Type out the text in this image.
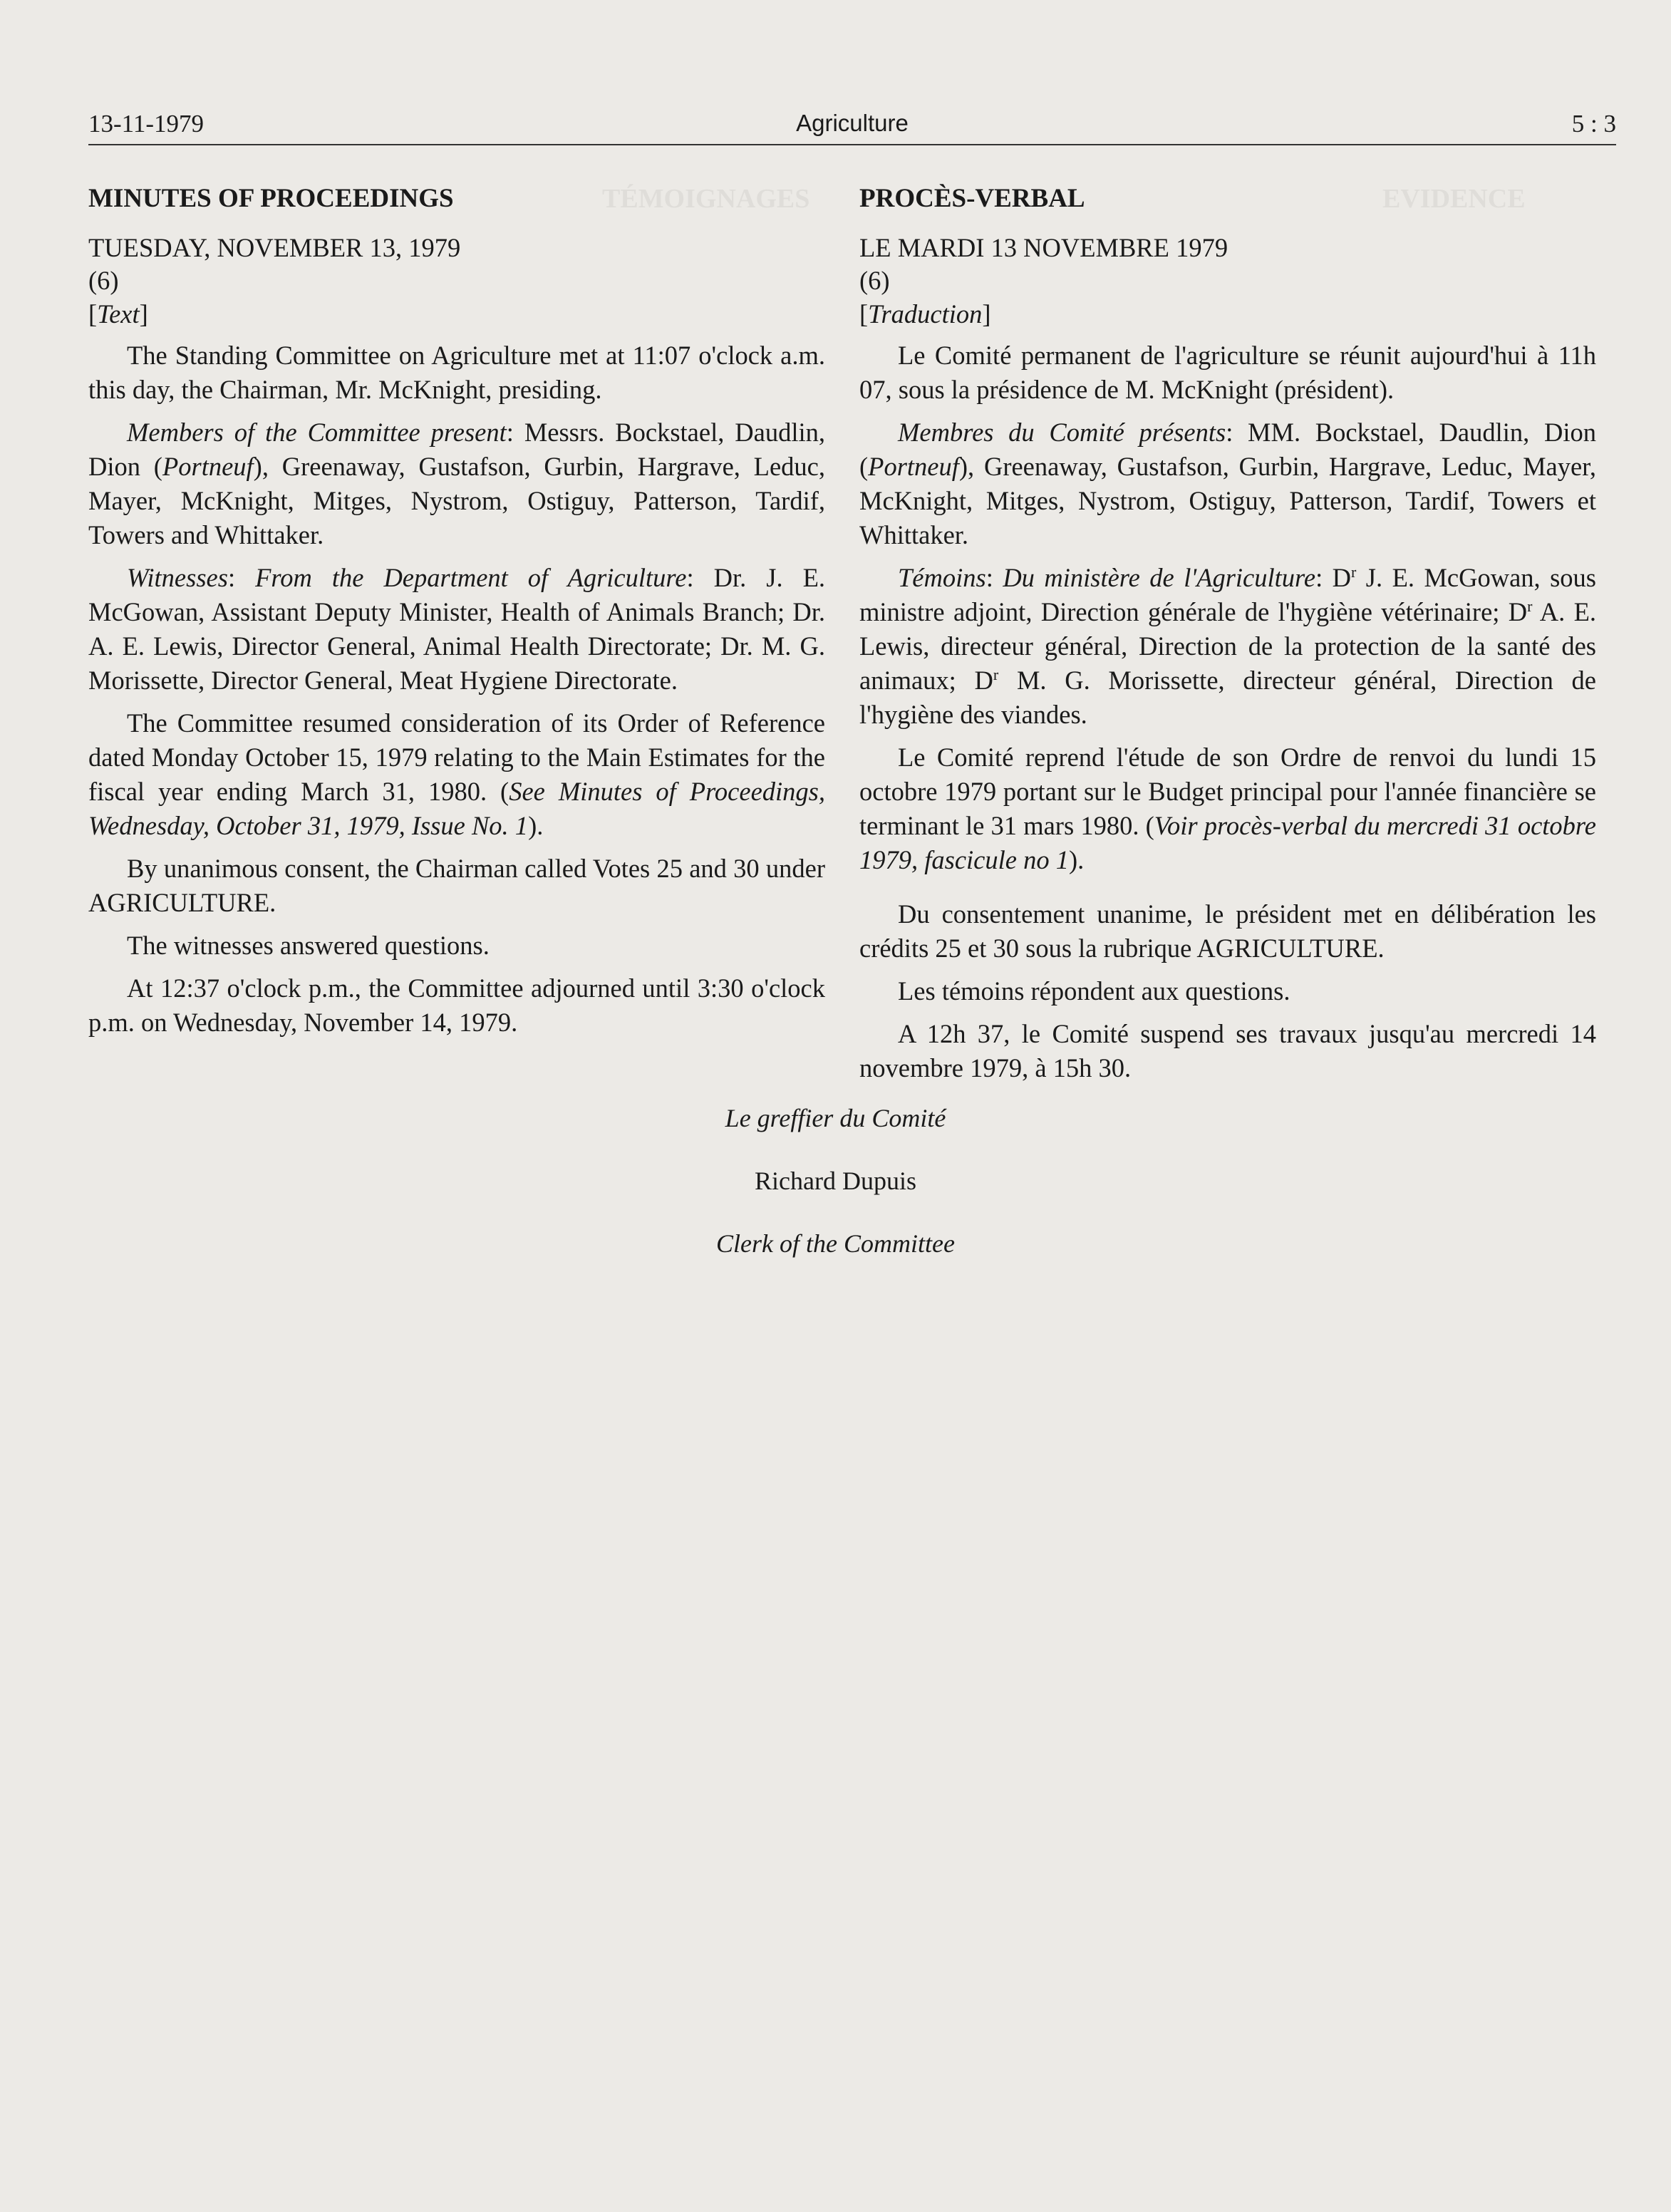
TÉMOIGNAGES	EVIDENCE
13-11-1979	Agriculture	5 : 3
MINUTES OF PROCEEDINGS
TUESDAY, NOVEMBER 13, 1979
(6)
[Text]

The Standing Committee on Agriculture met at 11:07 o'clock a.m. this day, the Chairman, Mr. McKnight, presiding.

Members of the Committee present: Messrs. Bockstael, Daudlin, Dion (Portneuf), Greenaway, Gustafson, Gurbin, Hargrave, Leduc, Mayer, McKnight, Mitges, Nystrom, Ostiguy, Patterson, Tardif, Towers and Whittaker.

Witnesses: From the Department of Agriculture: Dr. J. E. McGowan, Assistant Deputy Minister, Health of Animals Branch; Dr. A. E. Lewis, Director General, Animal Health Directorate; Dr. M. G. Morissette, Director General, Meat Hygiene Directorate.

The Committee resumed consideration of its Order of Reference dated Monday October 15, 1979 relating to the Main Estimates for the fiscal year ending March 31, 1980. (See Minutes of Proceedings, Wednesday, October 31, 1979, Issue No. 1).

By unanimous consent, the Chairman called Votes 25 and 30 under AGRICULTURE.

The witnesses answered questions.

At 12:37 o'clock p.m., the Committee adjourned until 3:30 o'clock p.m. on Wednesday, November 14, 1979.

PROCÈS-VERBAL
LE MARDI 13 NOVEMBRE 1979
(6)
[Traduction]

Le Comité permanent de l'agriculture se réunit aujourd'hui à 11h 07, sous la présidence de M. McKnight (président).

Membres du Comité présents: MM. Bockstael, Daudlin, Dion (Portneuf), Greenaway, Gustafson, Gurbin, Hargrave, Leduc, Mayer, McKnight, Mitges, Nystrom, Ostiguy, Patterson, Tardif, Towers et Whittaker.

Témoins: Du ministère de l'Agriculture: $D^r$ J. E. McGowan, sous ministre adjoint, Direction générale de l'hygiène vétérinaire; $D^r$ A. E. Lewis, directeur général, Direction de la protection de la santé des animaux; $D^r$ M. G. Morissette, directeur général, Direction de l'hygiène des viandes.

Le Comité reprend l'étude de son Ordre de renvoi du lundi 15 octobre 1979 portant sur le Budget principal pour l'année financière se terminant le 31 mars 1980. (Voir procès-verbal du mercredi 31 octobre 1979, fascicule no 1).

Du consentement unanime, le président met en délibération les crédits 25 et 30 sous la rubrique AGRICULTURE.

Les témoins répondent aux questions.

A 12h 37, le Comité suspend ses travaux jusqu'au mercredi 14 novembre 1979, à 15h 30.

Le greffier du Comité
Richard Dupuis
Clerk of the Committee
